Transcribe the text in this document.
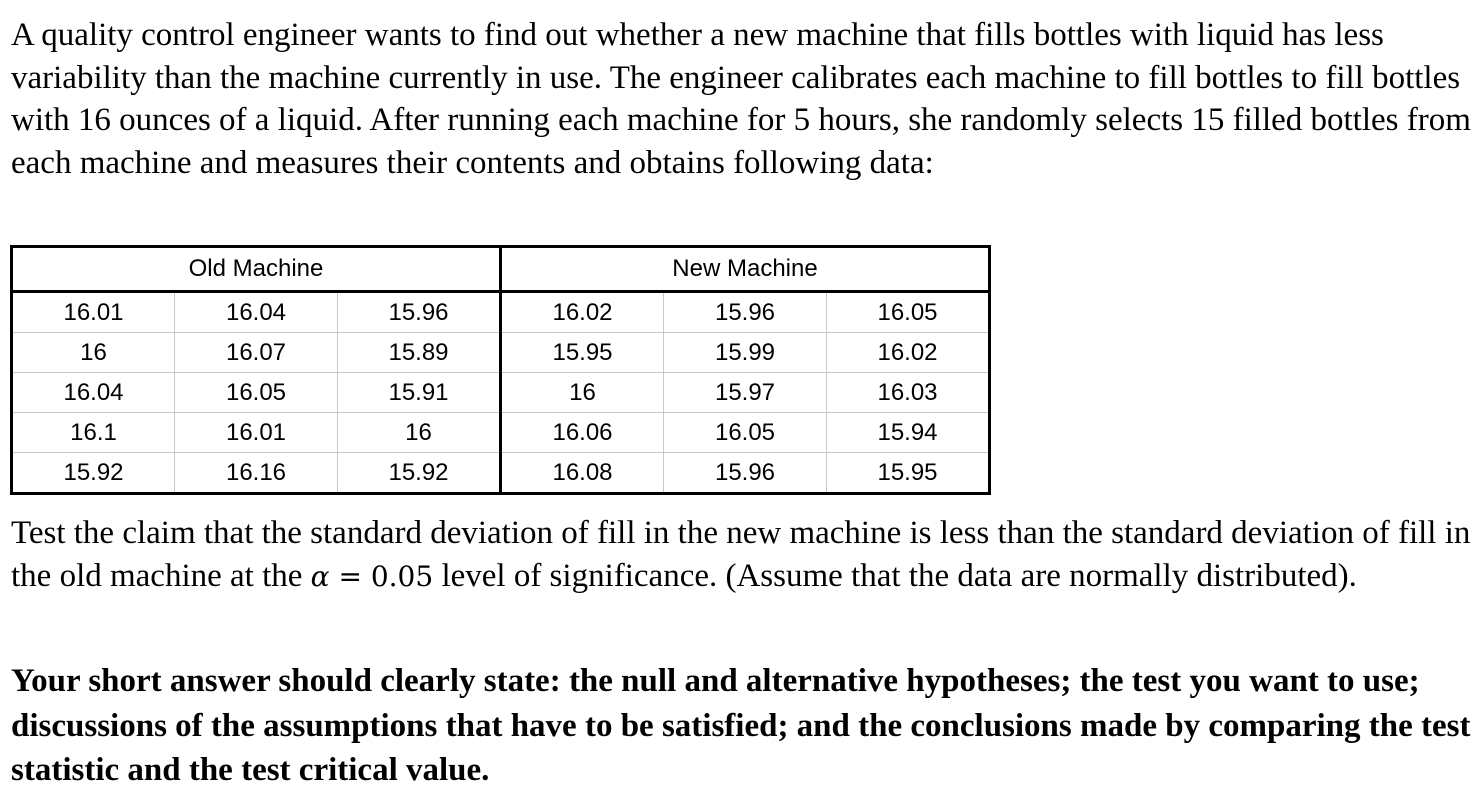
A quality control engineer wants to find out whether a new machine that fills bottles with liquid has less variability than the machine currently in use. The engineer calibrates each machine to fill bottles to fill bottles with 16 ounces of a liquid. After running each machine for 5 hours, she randomly selects 15 filled bottles from each machine and measures their contents and obtains following data:
Old Machine			New Machine		
16.01	16.04	15.96	16.02	15.96	16.05
16	16.07	15.89	15.95	15.99	16.02
16.04	16.05	15.91	16	15.97	16.03
16.1	16.01	16	16.06	16.05	15.94
15.92	16.16	15.92	16.08	15.96	15.95
Test the claim that the standard deviation of fill in the new machine is less than the standard deviation of fill in the old machine at the α = 0.05 level of significance. (Assume that the data are normally distributed).
Your short answer should clearly state: the null and alternative hypotheses; the test you want to use; discussions of the assumptions that have to be satisfied; and the conclusions made by comparing the test statistic and the test critical value.
